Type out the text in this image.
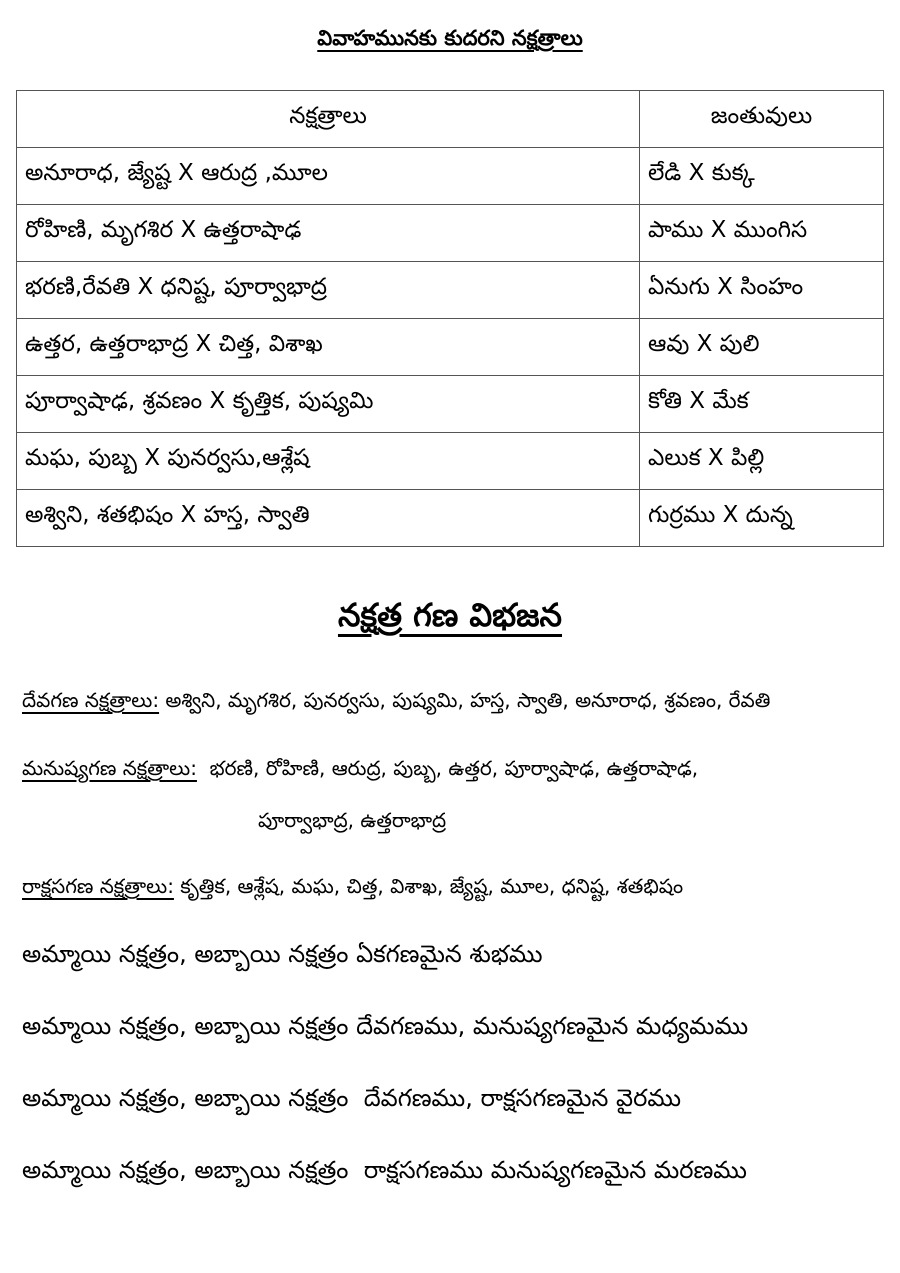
వివాహమునకు కుదరని నక్షత్రాలు
నక్షత్రాలు	జంతువులు
అనూరాధ, జ్యేష్ట X ఆరుద్ర ,మూల	లేడి X కుక్క
రోహిణి, మృగశిర X ఉత్తరాషాఢ	పాము X ముంగిస
భరణి,రేవతి X ధనిష్ట, పూర్వాభాద్ర	ఏనుగు X సింహం
ఉత్తర, ఉత్తరాభాద్ర X చిత్త, విశాఖ	ఆవు X పులి
పూర్వాషాఢ, శ్రవణం X కృత్తిక, పుష్యమి	కోతి X మేక
మఘ, పుబ్బ X పునర్వసు,ఆశ్లేష	ఎలుక X పిల్లి
అశ్విని, శతభిషం X హస్త, స్వాతి	గుర్రము X దున్న
నక్షత్ర గణ విభజన
దేవగణ నక్షత్రాలు: అశ్విని, మృగశిర, పునర్వసు, పుష్యమి, హస్త, స్వాతి, అనూరాధ, శ్రవణం, రేవతి
మనుష్యగణ నక్షత్రాలు:  భరణి, రోహిణి, ఆరుద్ర, పుబ్బ, ఉత్తర, పూర్వాషాఢ, ఉత్తరాషాఢ,
పూర్వాభాద్ర, ఉత్తరాభాద్ర
రాక్షసగణ నక్షత్రాలు: కృత్తిక, ఆశ్లేష, మఘ, చిత్త, విశాఖ, జ్యేష్ట, మూల, ధనిష్ట, శతభిషం
అమ్మాయి నక్షత్రం, అబ్బాయి నక్షత్రం ఏకగణమైన శుభము
అమ్మాయి నక్షత్రం, అబ్బాయి నక్షత్రం దేవగణము, మనుష్యగణమైన మధ్యమము
అమ్మాయి నక్షత్రం, అబ్బాయి నక్షత్రం  దేవగణము, రాక్షసగణమైన వైరము
అమ్మాయి నక్షత్రం, అబ్బాయి నక్షత్రం  రాక్షసగణము మనుష్యగణమైన మరణము
